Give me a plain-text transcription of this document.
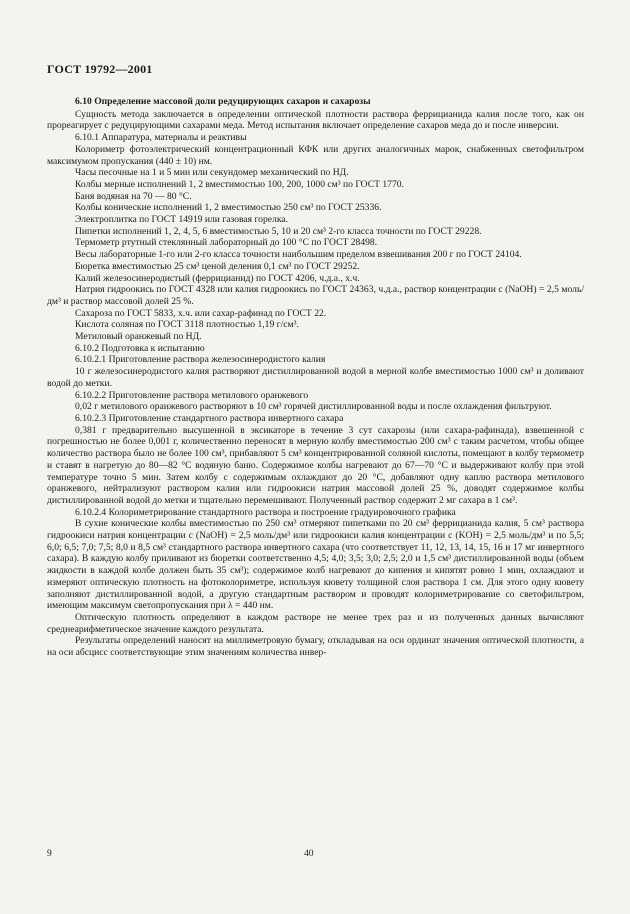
ГОСТ 19792—2001

6.10 Определение массовой доли редуцирующих сахаров и сахарозы

Сущность метода заключается в определении оптической плотности раствора феррицианида калия после того, как он прореагирует с редуцирующими сахарами меда. Метод испытания включает определение сахаров меда до и после инверсии.

6.10.1 Аппаратура, материалы и реактивы

Колориметр фотоэлектрический концентрационный КФК или других аналогичных марок, снабженных светофильтром максимумом пропускания (440 ± 10) нм.

Часы песочные на 1 и 5 мин или секундомер механический по НД.

Колбы мерные исполнений 1, 2 вместимостью 100, 200, 1000 см³ по ГОСТ 1770.

Баня водяная на 70 — 80 °С.

Колбы конические исполнений 1, 2 вместимостью 250 см³ по ГОСТ 25336.

Электроплитка по ГОСТ 14919 или газовая горелка.

Пипетки исполнений 1, 2, 4, 5, 6 вместимостью 5, 10 и 20 см³ 2-го класса точности по ГОСТ 29228.

Термометр ртутный стеклянный лабораторный до 100 °С по ГОСТ 28498.

Весы лабораторные 1-го или 2-го класса точности наибольшим пределом взвешивания 200 г по ГОСТ 24104.

Бюретка вместимостью 25 см³ ценой деления 0,1 см³ по ГОСТ 29252.

Калий железосинеродистый (феррицианид) по ГОСТ 4206, ч.д.а., х.ч.

Натрия гидроокись по ГОСТ 4328 или калия гидроокись по ГОСТ 24363, ч.д.а., раствор концентрации с (NaOH) = 2,5 моль/дм³ и раствор массовой долей 25 %.

Сахароза по ГОСТ 5833, х.ч. или сахар-рафинад по ГОСТ 22.

Кислота соляная по ГОСТ 3118 плотностью 1,19 г/см³.

Метиловый оранжевый по НД.

6.10.2 Подготовка к испытанию

6.10.2.1 Приготовление раствора железосинеродистого калия

10 г железосинеродистого калия растворяют дистиллированной водой в мерной колбе вместимостью 1000 см³ и доливают водой до метки.

6.10.2.2 Приготовление раствора метилового оранжевого

0,02 г метилового оранжевого растворяют в 10 см³ горячей дистиллированной воды и после охлаждения фильтруют.

6.10.2.3 Приготовление стандартного раствора инвертного сахара

0,381 г предварительно высушенной в эксикаторе в течение 3 сут сахарозы (или сахара-рафинада), взвешенной с погрешностью не более 0,001 г, количественно переносят в мерную колбу вместимостью 200 см³ с таким расчетом, чтобы общее количество раствора было не более 100 см³, прибавляют 5 см³ концентрированной соляной кислоты, помещают в колбу термометр и ставят в нагретую до 80—82 °С водяную баню. Содержимое колбы нагревают до 67—70 °С и выдерживают колбу при этой температуре точно 5 мин. Затем колбу с содержимым охлаждают до 20 °С, добавляют одну каплю раствора метилового оранжевого, нейтрализуют раствором калия или гидроокиси натрия массовой долей 25 %, доводят содержимое колбы дистиллированной водой до метки и тщательно перемешивают. Полученный раствор содержит 2 мг сахара в 1 см³.

6.10.2.4 Колориметрирование стандартного раствора и построение градуировочного графика

В сухие конические колбы вместимостью по 250 см³ отмеряют пипетками по 20 см³ феррицианида калия, 5 см³ раствора гидроокиси натрия концентрации с (NaOH) = 2,5 моль/дм³ или гидроокиси калия концентрации с (KOH) = 2,5 моль/дм³ и по 5,5; 6,0; 6,5; 7,0; 7,5; 8,0 и 8,5 см³ стандартного раствора инвертного сахара (что соответствует 11, 12, 13, 14, 15, 16 и 17 мг инвертного сахара). В каждую колбу приливают из бюретки соответственно 4,5; 4,0; 3,5; 3,0; 2,5; 2,0 и 1,5 см³ дистиллированной воды (объем жидкости в каждой колбе должен быть 35 см³); содержимое колб нагревают до кипения и кипятят ровно 1 мин, охлаждают и измеряют оптическую плотность на фотоколориметре, используя кювету толщиной слоя раствора 1 см. Для этого одну кювету заполняют дистиллированной водой, а другую стандартным раствором и проводят колориметрирование со светофильтром, имеющим максимум светопропускания при λ = 440 нм.

Оптическую плотность определяют в каждом растворе не менее трех раз и из полученных данных вычисляют среднеарифметическое значение каждого результата.

Результаты определений наносят на миллиметровую бумагу, откладывая на оси ординат значения оптической плотности, а на оси абсцисс соответствующие этим значениям количества инвер-

9	40
